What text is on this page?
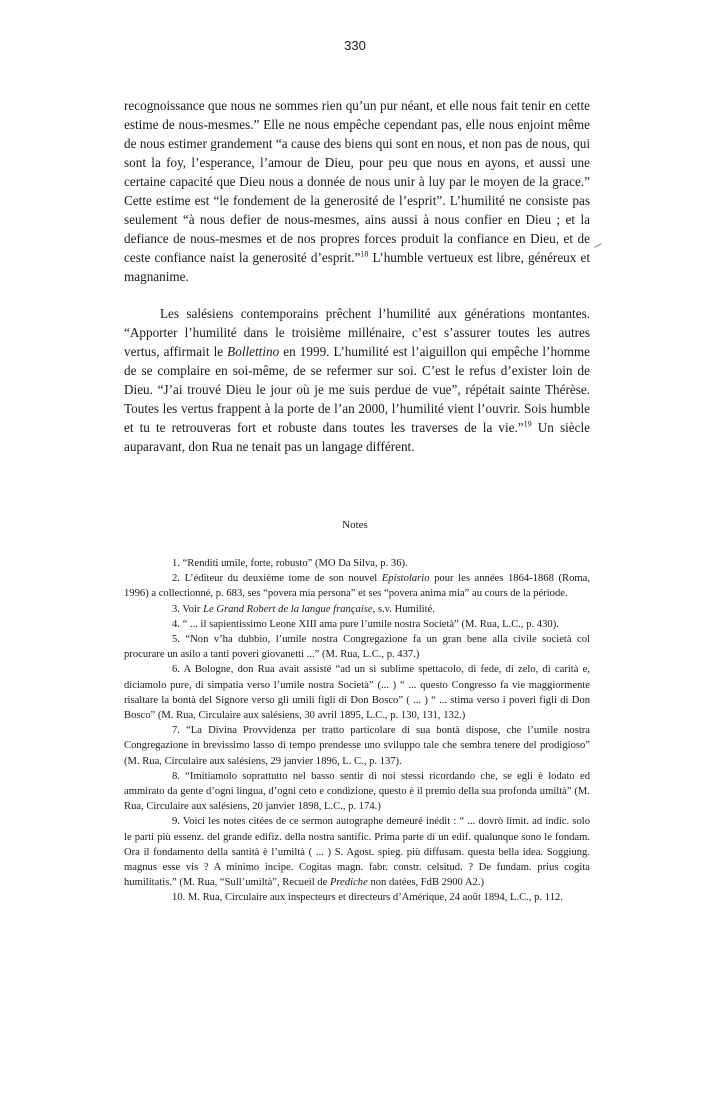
330

recognoissance que nous ne sommes rien qu’un pur néant, et elle nous fait tenir en cette estime de nous-mesmes.” Elle ne nous empêche cependant pas, elle nous enjoint même de nous estimer grandement “a cause des biens qui sont en nous, et non pas de nous, qui sont la foy, l’esperance, l’amour de Dieu, pour peu que nous en ayons, et aussi une certaine capacité que Dieu nous a donnée de nous unir à luy par le moyen de la grace.” Cette estime est “le fondement de la generosité de l’esprit”. L’humilité ne consiste pas seulement “à nous defier de nous-mesmes, ains aussi à nous confier en Dieu ; et la defiance de nous-mesmes et de nos propres forces produit la confiance en Dieu, et de ceste confiance naist la generosité d’esprit.”$^{18}$ L’humble vertueux est libre, généreux et magnanime.

Les salésiens contemporains prêchent l’humilité aux générations montantes. “Apporter l’humilité dans le troisième millénaire, c’est s’assurer toutes les autres vertus, affirmait le Bollettino en 1999. L’humilité est l’aiguillon qui empêche l’homme de se complaire en soi-même, de se refermer sur soi. C’est le refus d’exister loin de Dieu. “J’ai trouvé Dieu le jour où je me suis perdue de vue”, répétait sainte Thérèse. Toutes les vertus frappent à la porte de l’an 2000, l’humilité vient l’ouvrir. Sois humble et tu te retrouveras fort et robuste dans toutes les traverses de la vie.”$^{19}$ Un siècle auparavant, don Rua ne tenait pas un langage différent.

Notes

1. “Renditi umile, forte, robusto” (MO Da Silva, p. 36).

2. L’éditeur du deuxième tome de son nouvel Epistolario pour les années 1864-1868 (Roma, 1996) a collectionné, p. 683, ses “povera mia persona” et ses “povera anima mia” au cours de la période.

3. Voir Le Grand Robert de la langue française, s.v. Humilité.

4. “ ... il sapientissimo Leone XIII ama pure l’umile nostra Società” (M. Rua, L.C., p. 430).

5. “Non v’ha dubbio, l’umile nostra Congregazione fa un gran bene alla civile società col procurare un asilo a tanti poveri giovanetti ...” (M. Rua, L.C., p. 437.)

6. A Bologne, don Rua avait assisté “ad un sì sublime spettacolo, di fede, di zelo, di carità e, diciamolo pure, di simpatia verso l’umile nostra Società” (... ) “ ... questo Congresso fa vie maggiormente risaltare la bontà del Signore verso gli umili figli di Don Bosco” ( ... ) “ ... stima verso i poveri figli di Don Bosco” (M. Rua, Circulaire aux salésiens, 30 avril 1895, L.C., p. 130, 131, 132.)

7. “La Divina Provvidenza per tratto particolare di sua bontà dispose, che l’umile nostra Congregazione in brevissimo lasso di tempo prendesse uno sviluppo tale che sembra tenere del prodigioso” (M. Rua, Circulaire aux salésiens, 29 janvier 1896, L. C., p. 137).

8. “Imitiamolo soprattutto nel basso sentir di noi stessi ricordando che, se egli è lodato ed ammirato da gente d’ogni lingua, d’ogni ceto e condizione, questo è il premio della sua profonda umiltà” (M. Rua, Circulaire aux salésiens, 20 janvier 1898, L.C., p. 174.)

9. Voici les notes citées de ce sermon autographe demeuré inédit : “ ... dovrò limit. ad indic. solo le parti più essenz. del grande edifiz. della nostra santific. Prima parte di un edif. qualunque sono le fondam. Ora il fondamento della santità è l’umiltà ( ... ) S. Agost. spieg. più diffusam. questa bella idea. Soggiung. magnus esse vis ? A minimo incipe. Cogitas magn. fabr. constr. celsitud. ? De fundam. prius cogita humilitatis.” (M. Rua, “Sull’umiltà”, Recueil de Prediche non datées, FdB 2900 A2.)

10. M. Rua, Circulaire aux inspecteurs et directeurs d’Amérique, 24 août 1894, L.C., p. 112.
